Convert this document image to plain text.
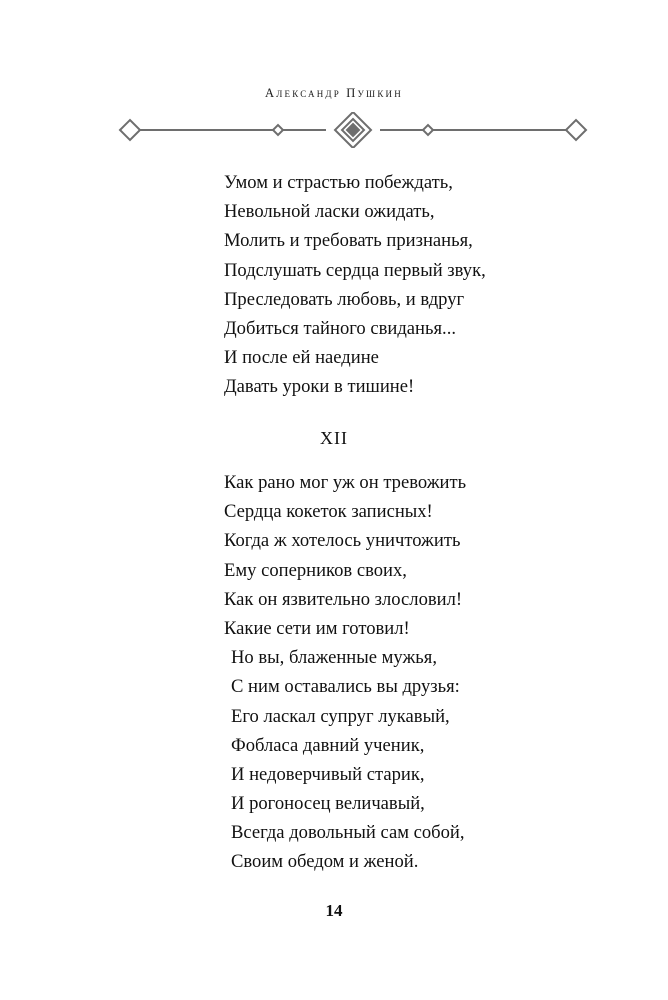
Александр Пушкин
Умом и страстью побеждать,
Невольной ласки ожидать,
Молить и требовать признанья,
Подслушать сердца первый звук,
Преследовать любовь, и вдруг
Добиться тайного свиданья...
И после ей наедине
Давать уроки в тишине!
XII
Как рано мог уж он тревожить
Сердца кокеток записных!
Когда ж хотелось уничтожить
Ему соперников своих,
Как он язвительно злословил!
Какие сети им готовил!
Но вы, блаженные мужья,
С ним оставались вы друзья:
Его ласкал супруг лукавый,
Фобласа давний ученик,
И недоверчивый старик,
И рогоносец величавый,
Всегда довольный сам собой,
Своим обедом и женой.
14
